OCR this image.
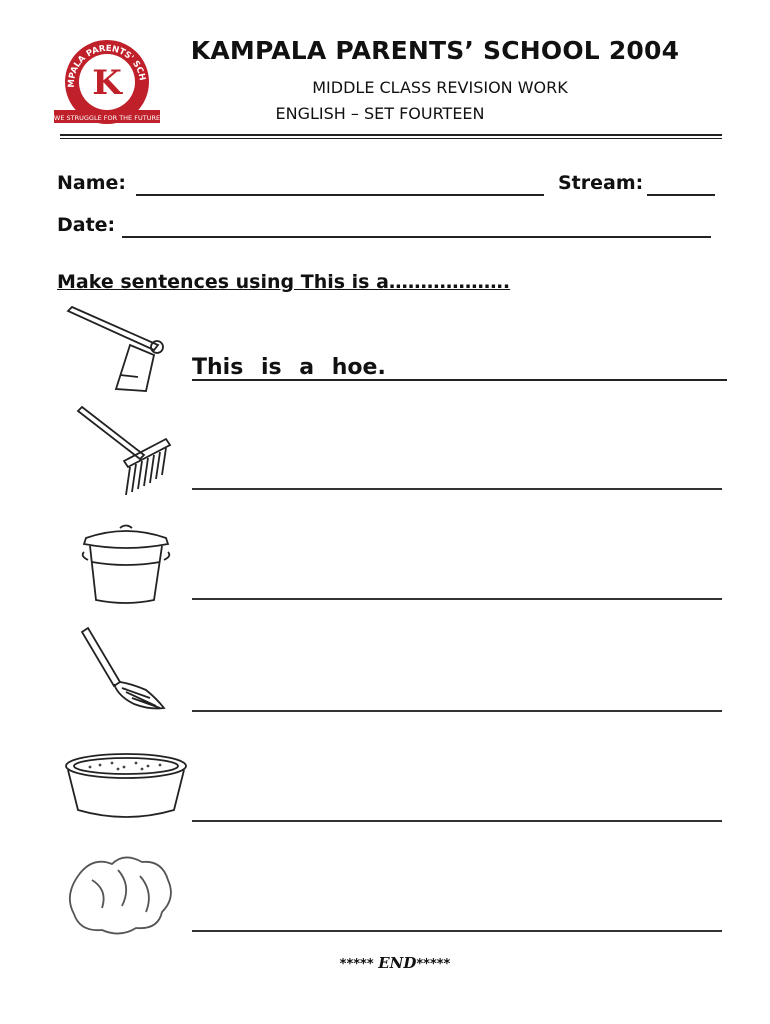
MPALA PARENTS' SCH
K
WE STRUGGLE FOR THE FUTURE
KAMPALA PARENTS’ SCHOOL 2004
MIDDLE CLASS REVISION WORK
ENGLISH – SET FOURTEEN
Name:	Stream:
Date:
Make sentences using This is a……………….
This is a hoe.
***** END*****
